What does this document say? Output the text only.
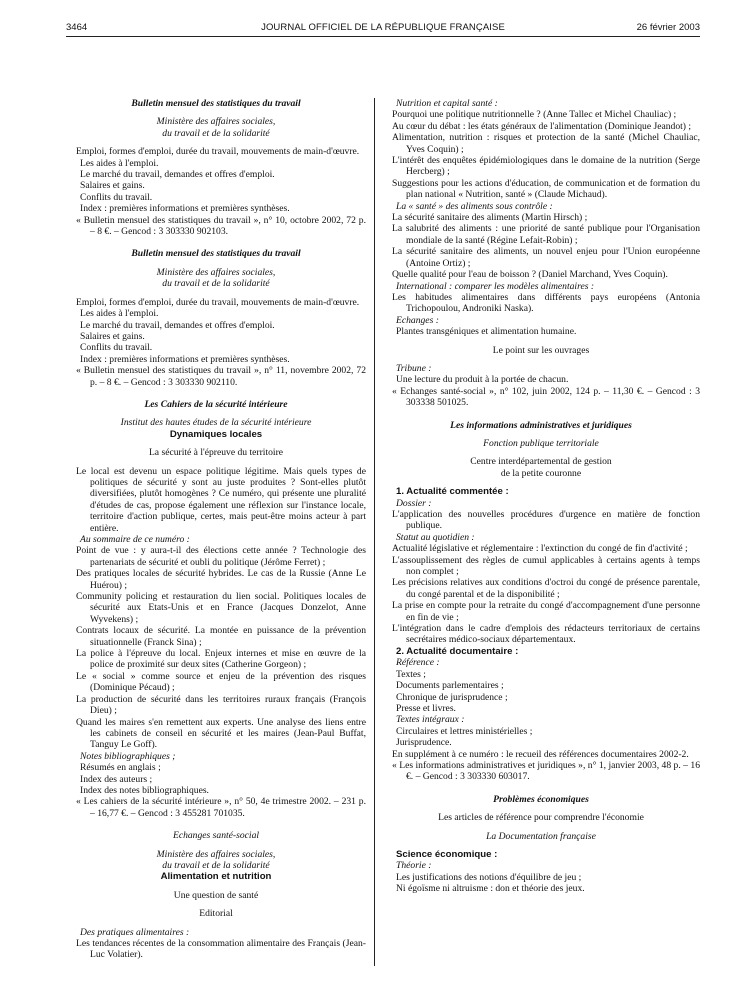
3464	JOURNAL OFFICIEL DE LA RÉPUBLIQUE FRANÇAISE	26 février 2003

Bulletin mensuel des statistiques du travail

Ministère des affaires sociales,

du travail et de la solidarité

Emploi, formes d'emploi, durée du travail, mouvements de main-d'œuvre.

Les aides à l'emploi.

Le marché du travail, demandes et offres d'emploi.

Salaires et gains.

Conflits du travail.

Index : premières informations et premières synthèses.

« Bulletin mensuel des statistiques du travail », n° 10, octobre 2002, 72 p. – 8 €. – Gencod : 3 303330 902103.

Bulletin mensuel des statistiques du travail

Ministère des affaires sociales,

du travail et de la solidarité

Emploi, formes d'emploi, durée du travail, mouvements de main-d'œuvre.

Les aides à l'emploi.

Le marché du travail, demandes et offres d'emploi.

Salaires et gains.

Conflits du travail.

Index : premières informations et premières synthèses.

« Bulletin mensuel des statistiques du travail », n° 11, novembre 2002, 72 p. – 8 €. – Gencod : 3 303330 902110.

Les Cahiers de la sécurité intérieure

Institut des hautes études de la sécurité intérieure

Dynamiques locales

La sécurité à l'épreuve du territoire

Le local est devenu un espace politique légitime. Mais quels types de politiques de sécurité y sont au juste produites ? Sont-elles plutôt diversifiées, plutôt homogènes ? Ce numéro, qui présente une pluralité d'études de cas, propose également une réflexion sur l'instance locale, territoire d'action publique, certes, mais peut-être moins acteur à part entière.

Au sommaire de ce numéro :

Point de vue : y aura-t-il des élections cette année ? Technologie des partenariats de sécurité et oubli du politique (Jérôme Ferret) ;

Des pratiques locales de sécurité hybrides. Le cas de la Russie (Anne Le Huérou) ;

Community policing et restauration du lien social. Politiques locales de sécurité aux Etats-Unis et en France (Jacques Donzelot, Anne Wyvekens) ;

Contrats locaux de sécurité. La montée en puissance de la prévention situationnelle (Franck Sina) ;

La police à l'épreuve du local. Enjeux internes et mise en œuvre de la police de proximité sur deux sites (Catherine Gorgeon) ;

Le « social » comme source et enjeu de la prévention des risques (Dominique Pécaud) ;

La production de sécurité dans les territoires ruraux français (François Dieu) ;

Quand les maires s'en remettent aux experts. Une analyse des liens entre les cabinets de conseil en sécurité et les maires (Jean-Paul Buffat, Tanguy Le Goff).

Notes bibliographiques ;

Résumés en anglais ;

Index des auteurs ;

Index des notes bibliographiques.

« Les cahiers de la sécurité intérieure », n° 50, 4e trimestre 2002. – 231 p. – 16,77 €. – Gencod : 3 455281 701035.

Echanges santé-social

Ministère des affaires sociales,

du travail et de la solidarité

Alimentation et nutrition

Une question de santé

Editorial

Des pratiques alimentaires :

Les tendances récentes de la consommation alimentaire des Français (Jean-Luc Volatier).

Nutrition et capital santé :

Pourquoi une politique nutritionnelle ? (Anne Tallec et Michel Chauliac) ;

Au cœur du débat : les états généraux de l'alimentation (Dominique Jeandot) ;

Alimentation, nutrition : risques et protection de la santé (Michel Chauliac, Yves Coquin) ;

L'intérêt des enquêtes épidémiologiques dans le domaine de la nutrition (Serge Hercberg) ;

Suggestions pour les actions d'éducation, de communication et de formation du plan national « Nutrition, santé » (Claude Michaud).

La « santé » des aliments sous contrôle :

La sécurité sanitaire des aliments (Martin Hirsch) ;

La salubrité des aliments : une priorité de santé publique pour l'Organisation mondiale de la santé (Régine Lefait-Robin) ;

La sécurité sanitaire des aliments, un nouvel enjeu pour l'Union européenne (Antoine Ortiz) ;

Quelle qualité pour l'eau de boisson ? (Daniel Marchand, Yves Coquin).

International : comparer les modèles alimentaires :

Les habitudes alimentaires dans différents pays européens (Antonia Trichopoulou, Androniki Naska).

Echanges :

Plantes transgéniques et alimentation humaine.

Le point sur les ouvrages

Tribune :

Une lecture du produit à la portée de chacun.

« Echanges santé-social », n° 102, juin 2002, 124 p. – 11,30 €. – Gencod : 3 303338 501025.

Les informations administratives et juridiques

Fonction publique territoriale

Centre interdépartemental de gestion

de la petite couronne

1. Actualité commentée :

Dossier :

L'application des nouvelles procédures d'urgence en matière de fonction publique.

Statut au quotidien :

Actualité législative et réglementaire : l'extinction du congé de fin d'activité ;

L'assouplissement des règles de cumul applicables à certains agents à temps non complet ;

Les précisions relatives aux conditions d'octroi du congé de présence parentale, du congé parental et de la disponibilité ;

La prise en compte pour la retraite du congé d'accompagnement d'une personne en fin de vie ;

L'intégration dans le cadre d'emplois des rédacteurs territoriaux de certains secrétaires médico-sociaux départementaux.

2. Actualité documentaire :

Référence :

Textes ;

Documents parlementaires ;

Chronique de jurisprudence ;

Presse et livres.

Textes intégraux :

Circulaires et lettres ministérielles ;

Jurisprudence.

En supplément à ce numéro : le recueil des références documentaires 2002-2.

« Les informations administratives et juridiques », n° 1, janvier 2003, 48 p. – 16 €. – Gencod : 3 303330 603017.

Problèmes économiques

Les articles de référence pour comprendre l'économie

La Documentation française

Science économique :

Théorie :

Les justifications des notions d'équilibre de jeu ;

Ni égoïsme ni altruisme : don et théorie des jeux.
